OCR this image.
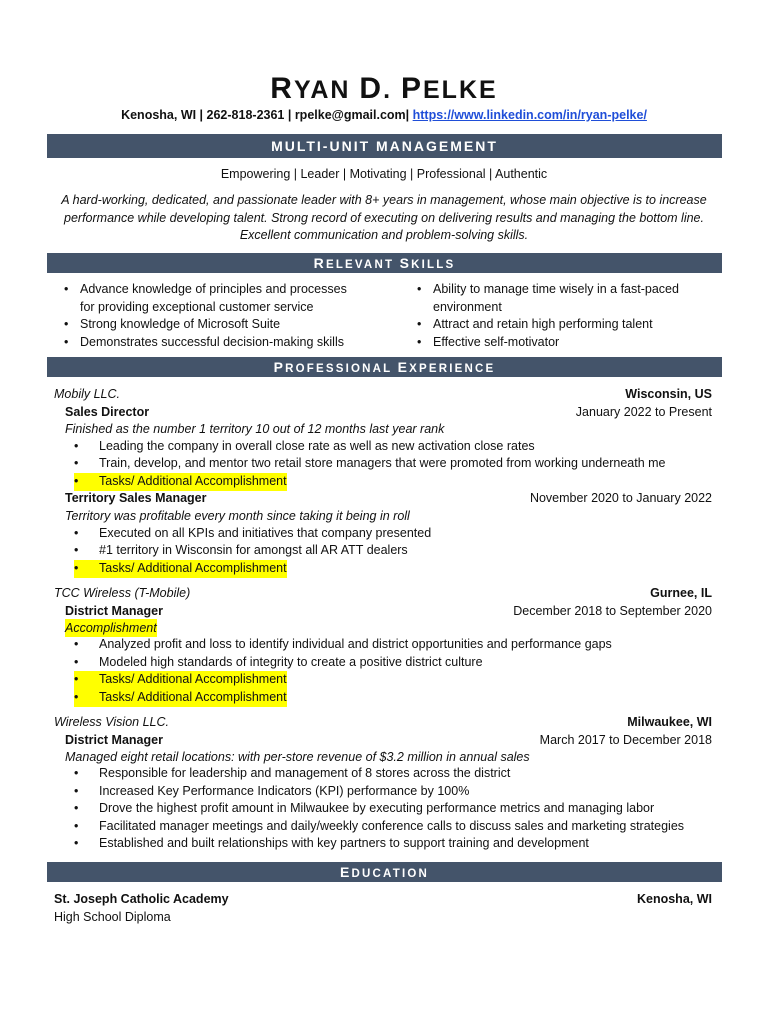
RYAN D. PELKE
Kenosha, WI | 262-818-2361 | rpelke@gmail.com| https://www.linkedin.com/in/ryan-pelke/
MULTI-UNIT MANAGEMENT
Empowering | Leader | Motivating | Professional | Authentic
A hard-working, dedicated, and passionate leader with 8+ years in management, whose main objective is to increase performance while developing talent. Strong record of executing on delivering results and managing the bottom line. Excellent communication and problem-solving skills.
RELEVANT SKILLS
• Advance knowledge of principles and processes for providing exceptional customer service
• Strong knowledge of Microsoft Suite
• Demonstrates successful decision-making skills
• Ability to manage time wisely in a fast-paced environment
• Attract and retain high performing talent
• Effective self-motivator
PROFESSIONAL EXPERIENCE
Mobily LLC.	Wisconsin, US
Sales Director	January 2022 to Present
Finished as the number 1 territory 10 out of 12 months last year rank
• Leading the company in overall close rate as well as new activation close rates
• Train, develop, and mentor two retail store managers that were promoted from working underneath me
• Tasks/ Additional Accomplishment
Territory Sales Manager	November 2020 to January 2022
Territory was profitable every month since taking it being in roll
• Executed on all KPIs and initiatives that company presented
• #1 territory in Wisconsin for amongst all AR ATT dealers
• Tasks/ Additional Accomplishment
TCC Wireless (T-Mobile)	Gurnee, IL
District Manager	December 2018 to September 2020
Accomplishment
• Analyzed profit and loss to identify individual and district opportunities and performance gaps
• Modeled high standards of integrity to create a positive district culture
• Tasks/ Additional Accomplishment
• Tasks/ Additional Accomplishment
Wireless Vision LLC.	Milwaukee, WI
District Manager	March 2017 to December 2018
Managed eight retail locations: with per-store revenue of $3.2 million in annual sales
• Responsible for leadership and management of 8 stores across the district
• Increased Key Performance Indicators (KPI) performance by 100%
• Drove the highest profit amount in Milwaukee by executing performance metrics and managing labor
• Facilitated manager meetings and daily/weekly conference calls to discuss sales and marketing strategies
• Established and built relationships with key partners to support training and development
EDUCATION
St. Joseph Catholic Academy	Kenosha, WI
High School Diploma
